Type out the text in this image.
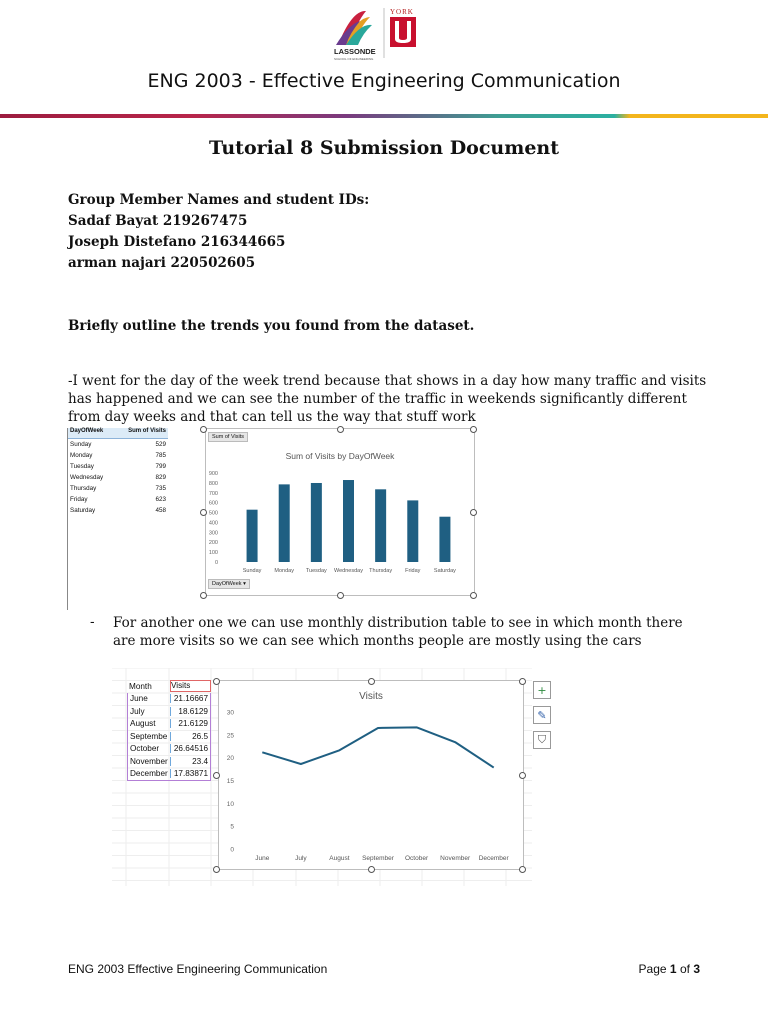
LASSONDE
SCHOOL OF ENGINEERING
YORK
ENG 2003 - Effective Engineering Communication
Tutorial 8 Submission Document
Group Member Names and student IDs:
Sadaf Bayat 219267475
Joseph Distefano 216344665
arman najari 220502605
Briefly outline the trends you found from the dataset.
-I went for the day of the week trend because that shows in a day how many traffic and visits has happened and we can see the number of the traffic in weekends significantly different from day weeks and that can tell us the way that stuff work
DayOfWeek	Sum of Visits
Sunday	529
Monday	785
Tuesday	799
Wednesday	829
Thursday	735
Friday	623
Saturday	458
Sum of Visits by DayOfWeek
0
100
200
300
400
500
600
700
800
900
Sunday Monday Tuesday Wednesday Thursday Friday Saturday
Sum of Visits
DayOfWeek ▾
- For another one we can use monthly distribution table to see in which month there are more visits so we can see which months people are mostly using the cars
Month	Visits
June	21.16667
July	18.6129
August	21.6129
Septembe	26.5
October	26.64516
November	23.4
December 17.83871
Visits
0
5
10
15
20
25
30
June	July	August September October November December
+
✎
⛉
ENG 2003 Effective Engineering Communication	Page 1 of 3
